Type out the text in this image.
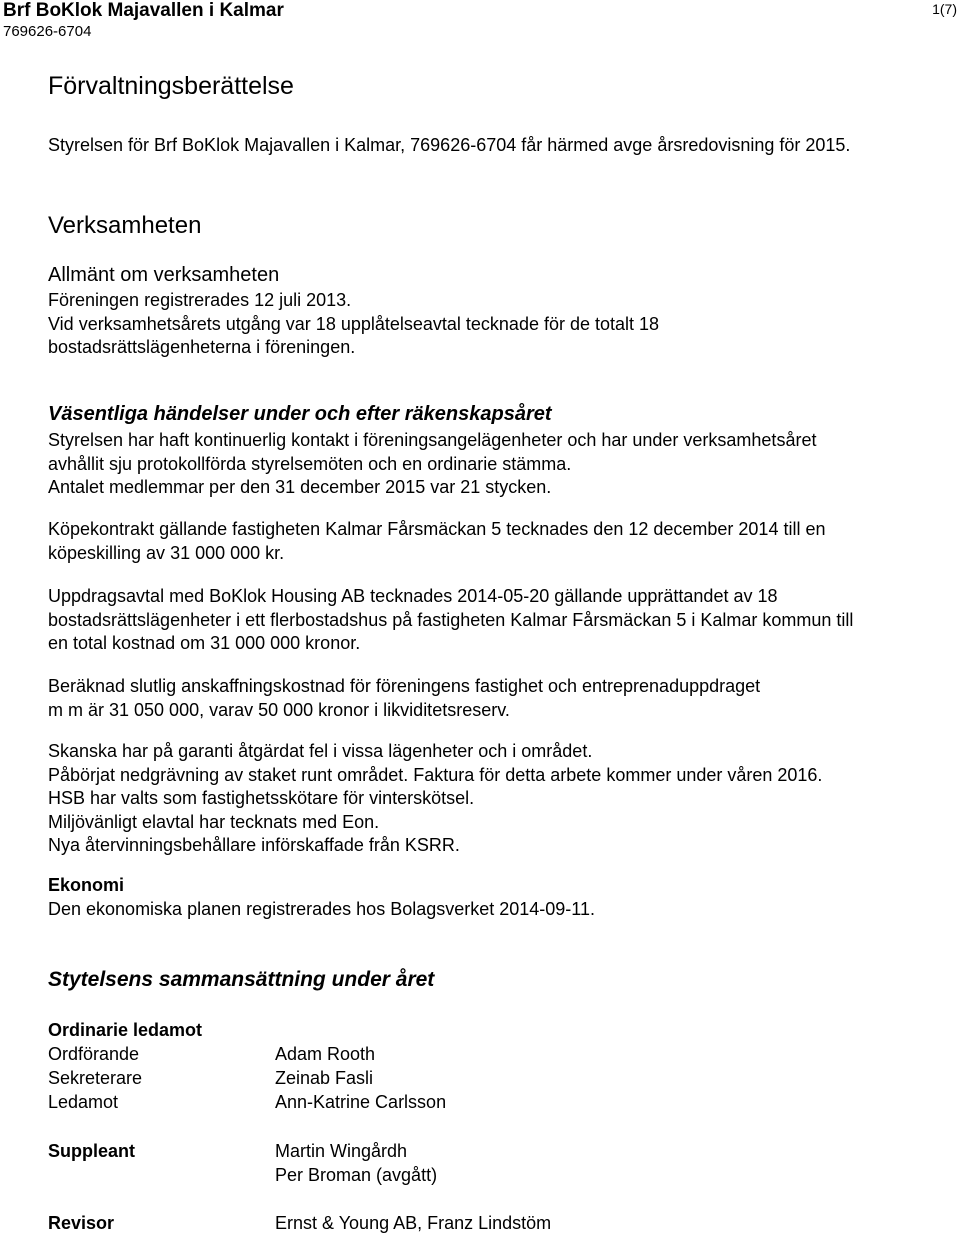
Brf BoKlok Majavallen i Kalmar
769626-6704
1(7)
Förvaltningsberättelse
Styrelsen för Brf BoKlok Majavallen i Kalmar, 769626-6704 får härmed avge årsredovisning för 2015.
Verksamheten
Allmänt om verksamheten
Föreningen registrerades 12 juli 2013.
Vid verksamhetsårets utgång var 18 upplåtelseavtal tecknade för de totalt 18
bostadsrättslägenheterna i föreningen.
Väsentliga händelser under och efter räkenskapsåret
Styrelsen har haft kontinuerlig kontakt i föreningsangelägenheter och har under verksamhetsåret
avhållit sju protokollförda styrelsemöten och en ordinarie stämma.
Antalet medlemmar per den 31 december 2015 var 21 stycken.
Köpekontrakt gällande fastigheten Kalmar Fårsmäckan 5 tecknades den 12 december 2014 till en
köpeskilling av 31 000 000 kr.
Uppdragsavtal med BoKlok Housing AB tecknades 2014-05-20 gällande upprättandet av 18
bostadsrättslägenheter i ett flerbostadshus på fastigheten Kalmar Fårsmäckan 5 i Kalmar kommun till
en total kostnad om 31 000 000 kronor.
Beräknad slutlig anskaffningskostnad för föreningens fastighet och entreprenaduppdraget
m m är 31 050 000, varav 50 000 kronor i likviditetsreserv.
Skanska har på garanti åtgärdat fel i vissa lägenheter och i området.
Påbörjat nedgrävning av staket runt området. Faktura för detta arbete kommer under våren 2016.
HSB har valts som fastighetsskötare för vinterskötsel.
Miljövänligt elavtal har tecknats med Eon.
Nya återvinningsbehållare införskaffade från KSRR.
Ekonomi
Den ekonomiska planen registrerades hos Bolagsverket 2014-09-11.
Stytelsens sammansättning under året
Ordinarie ledamot
Ordförande	Adam Rooth
Sekreterare	Zeinab Fasli
Ledamot	Ann-Katrine Carlsson
Suppleant	Martin Wingårdh
Per Broman (avgått)
Revisor	Ernst & Young AB, Franz Lindstöm
